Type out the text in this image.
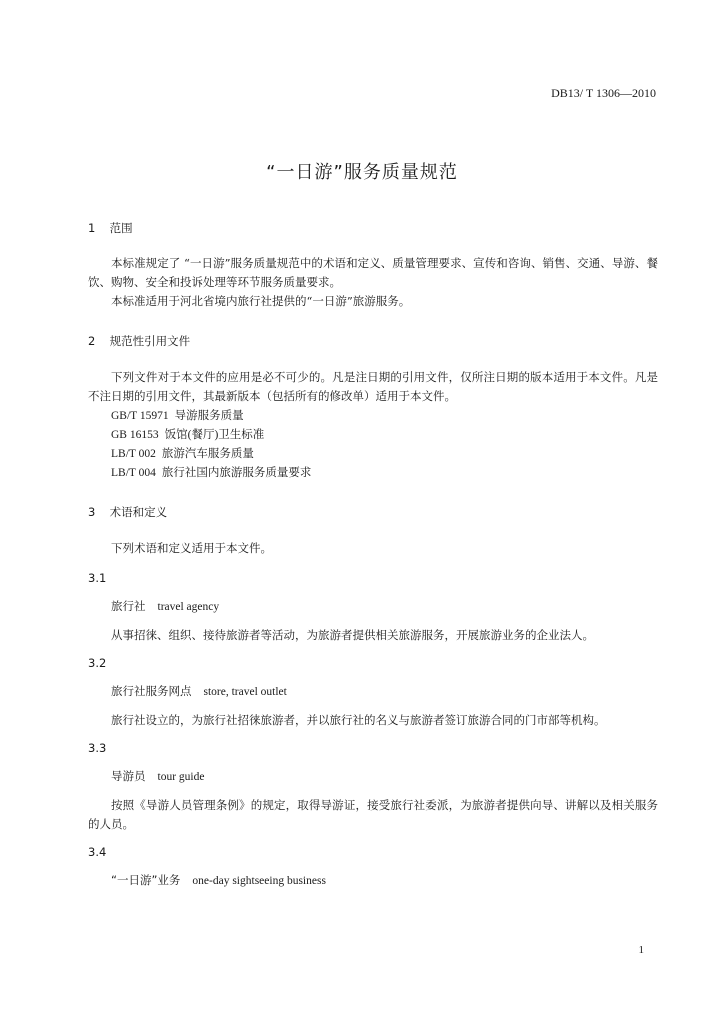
DB13/ T 1306—2010
“一日游”服务质量规范
1 范围
本标准规定了 “一日游”服务质量规范中的术语和定义、质量管理要求、宣传和咨询、销售、交通、导游、餐饮、购物、安全和投诉处理等环节服务质量要求。
本标准适用于河北省境内旅行社提供的“一日游”旅游服务。
2 规范性引用文件
下列文件对于本文件的应用是必不可少的。凡是注日期的引用文件，仅所注日期的版本适用于本文件。凡是不注日期的引用文件，其最新版本（包括所有的修改单）适用于本文件。
GB/T 15971 导游服务质量
GB 16153 饭馆(餐厅)卫生标准
LB/T 002 旅游汽车服务质量
LB/T 004 旅行社国内旅游服务质量要求
3 术语和定义
下列术语和定义适用于本文件。
3.1
旅行社 travel agency
从事招徕、组织、接待旅游者等活动，为旅游者提供相关旅游服务，开展旅游业务的企业法人。
3.2
旅行社服务网点 store, travel outlet
旅行社设立的，为旅行社招徕旅游者，并以旅行社的名义与旅游者签订旅游合同的门市部等机构。
3.3
导游员 tour guide
按照《导游人员管理条例》的规定，取得导游证，接受旅行社委派，为旅游者提供向导、讲解以及相关服务的人员。
3.4
“一日游”业务 one-day sightseeing business
1
